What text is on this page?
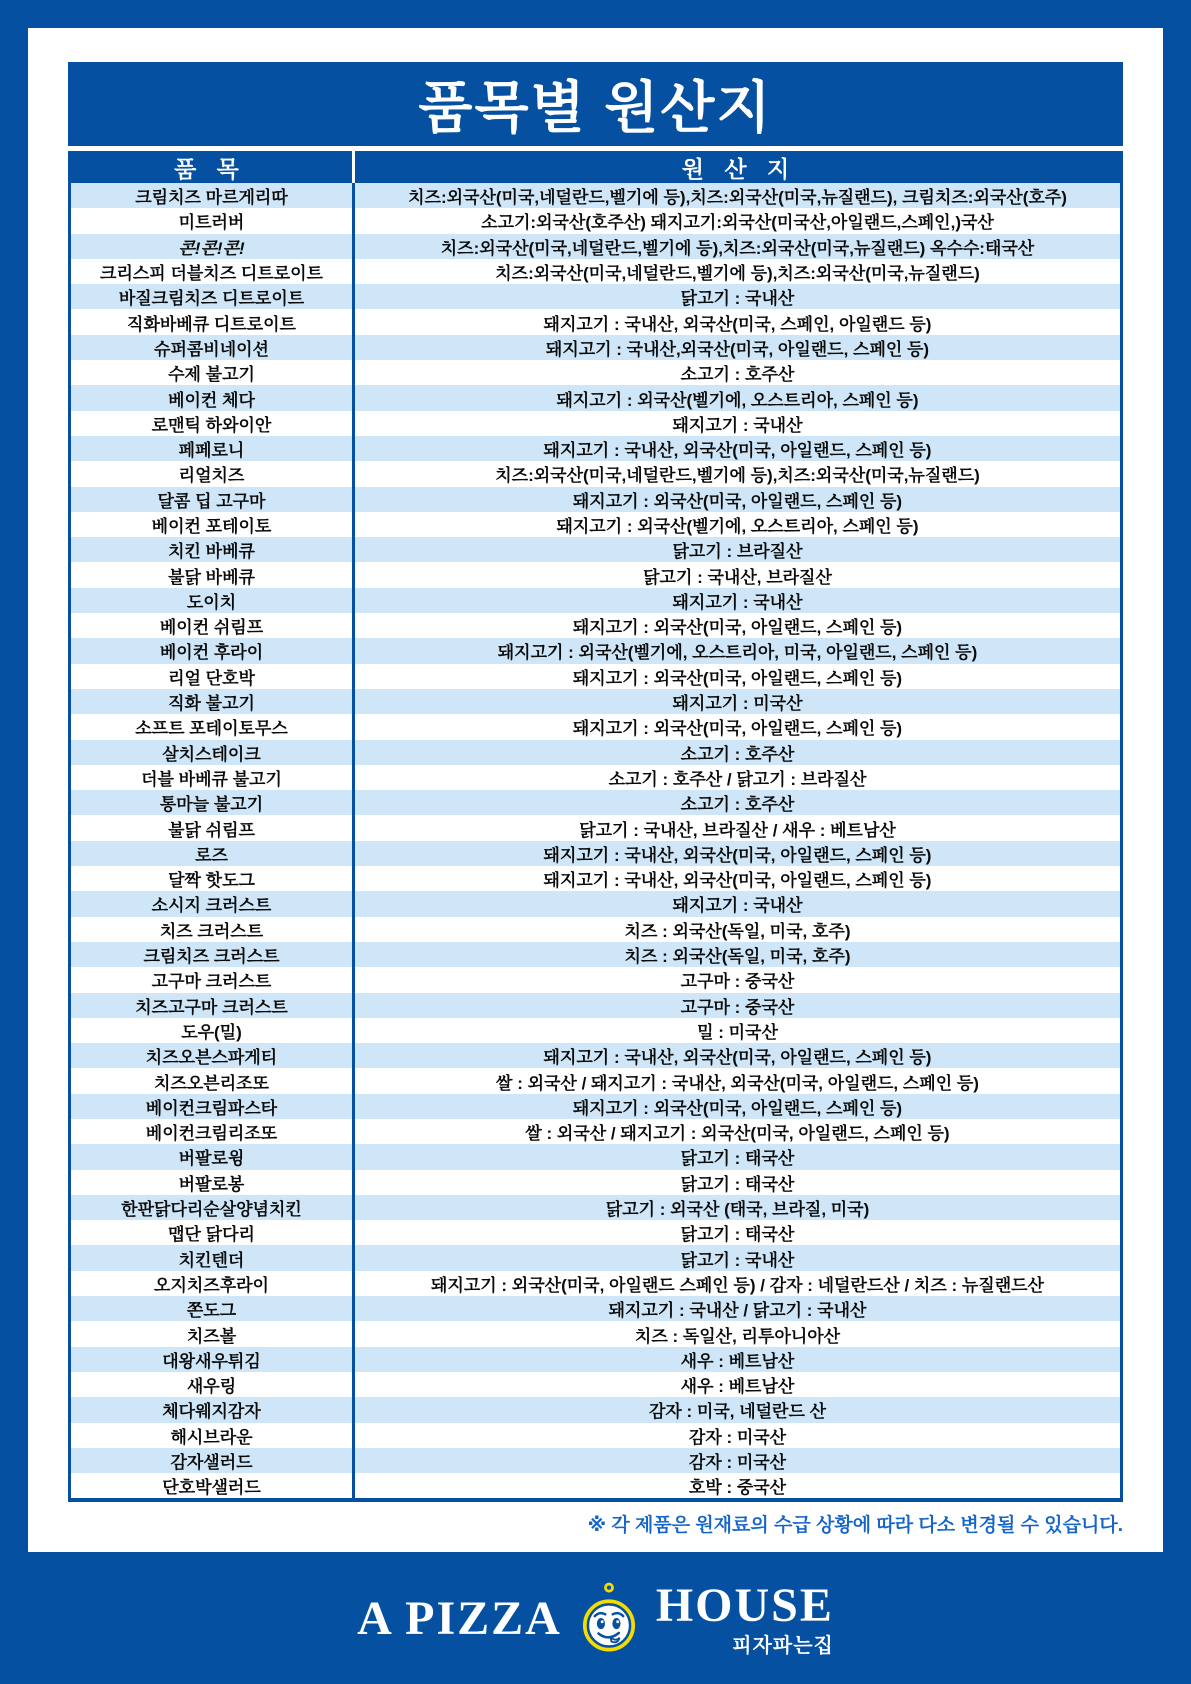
품목별 원산지
품 목	원 산 지
크림치즈 마르게리따	치즈:외국산(미국,네덜란드,벨기에 등),치즈:외국산(미국,뉴질랜드), 크림치즈:외국산(호주)
미트러버	소고기:외국산(호주산) 돼지고기:외국산(미국산,아일랜드,스페인,)국산
콘!콘!콘!	치즈:외국산(미국,네덜란드,벨기에 등),치즈:외국산(미국,뉴질랜드) 옥수수:태국산
크리스피 더블치즈 디트로이트	치즈:외국산(미국,네덜란드,벨기에 등),치즈:외국산(미국,뉴질랜드)
바질크림치즈 디트로이트	닭고기 : 국내산
직화바베큐 디트로이트	돼지고기 : 국내산, 외국산(미국, 스페인, 아일랜드 등)
슈퍼콤비네이션	돼지고기 : 국내산,외국산(미국, 아일랜드, 스페인 등)
수제 불고기	소고기 : 호주산
베이컨 체다	돼지고기 : 외국산(벨기에, 오스트리아, 스페인 등)
로맨틱 하와이안	돼지고기 : 국내산
페페로니	돼지고기 : 국내산, 외국산(미국, 아일랜드, 스페인 등)
리얼치즈	치즈:외국산(미국,네덜란드,벨기에 등),치즈:외국산(미국,뉴질랜드)
달콤 딥 고구마	돼지고기 : 외국산(미국, 아일랜드, 스페인 등)
베이컨 포테이토	돼지고기 : 외국산(벨기에, 오스트리아, 스페인 등)
치킨 바베큐	닭고기 : 브라질산
불닭 바베큐	닭고기 : 국내산, 브라질산
도이치	돼지고기 : 국내산
베이컨 쉬림프	돼지고기 : 외국산(미국, 아일랜드, 스페인 등)
베이컨 후라이	돼지고기 : 외국산(벨기에, 오스트리아, 미국, 아일랜드, 스페인 등)
리얼 단호박	돼지고기 : 외국산(미국, 아일랜드, 스페인 등)
직화 불고기	돼지고기 : 미국산
소프트 포테이토무스	돼지고기 : 외국산(미국, 아일랜드, 스페인 등)
살치스테이크	소고기 : 호주산
더블 바베큐 불고기	소고기 : 호주산 / 닭고기 : 브라질산
통마늘 불고기	소고기 : 호주산
불닭 쉬림프	닭고기 : 국내산, 브라질산 / 새우 : 베트남산
로즈	돼지고기 : 국내산, 외국산(미국, 아일랜드, 스페인 등)
달짝 핫도그	돼지고기 : 국내산, 외국산(미국, 아일랜드, 스페인 등)
소시지 크러스트	돼지고기 : 국내산
치즈 크러스트	치즈 : 외국산(독일, 미국, 호주)
크림치즈 크러스트	치즈 : 외국산(독일, 미국, 호주)
고구마 크러스트	고구마 : 중국산
치즈고구마 크러스트	고구마 : 중국산
도우(밀)	밀 : 미국산
치즈오븐스파게티	돼지고기 : 국내산, 외국산(미국, 아일랜드, 스페인 등)
치즈오븐리조또	쌀 : 외국산 / 돼지고기 : 국내산, 외국산(미국, 아일랜드, 스페인 등)
베이컨크림파스타	돼지고기 : 외국산(미국, 아일랜드, 스페인 등)
베이컨크림리조또	쌀 : 외국산 / 돼지고기 : 외국산(미국, 아일랜드, 스페인 등)
버팔로윙	닭고기 : 태국산
버팔로봉	닭고기 : 태국산
한판닭다리순살양념치킨	닭고기 : 외국산 (태국, 브라질, 미국)
맵단 닭다리	닭고기 : 태국산
치킨텐더	닭고기 : 국내산
오지치즈후라이	돼지고기 : 외국산(미국, 아일랜드 스페인 등) / 감자 : 네덜란드산 / 치즈 : 뉴질랜드산
쫀도그	돼지고기 : 국내산 / 닭고기 : 국내산
치즈볼	치즈 : 독일산, 리투아니아산
대왕새우튀김	새우 : 베트남산
새우링	새우 : 베트남산
체다웨지감자	감자 : 미국, 네덜란드 산
해시브라운	감자 : 미국산
감자샐러드	감자 : 미국산
단호박샐러드	호박 : 중국산
※ 각 제품은 원재료의 수급 상황에 따라 다소 변경될 수 있습니다.
A PIZZA HOUSE
피자파는집
